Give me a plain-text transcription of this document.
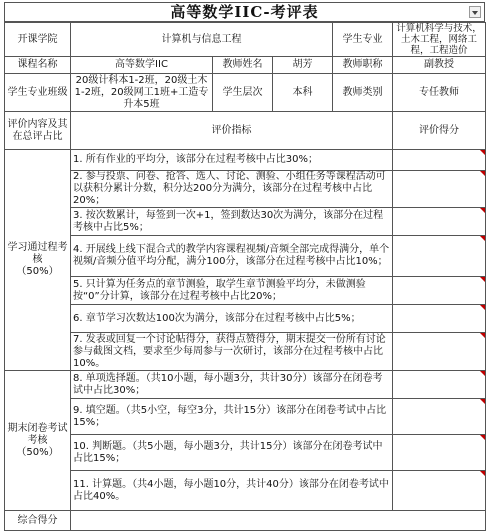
高等数学IIC-考评表
开课学院	计算机与信息工程			学生专业	计算机科学与技术，土木工程，网络工程，工程造价
课程名称	高等数学IIC	教师姓名	胡芳	教师职称	副教授
学生专业班级	20级计科本1-2班，20级土木1-2班，20级网工1班+工造专升本5班	学生层次	本科	教师类别	专任教师
评价内容及其在总评占比	评价指标				评价得分
学习通过程考核
（50%）	1. 所有作业的平均分，该部分在过程考核中占比30%；				

	2. 参与投票、问卷、抢答、选人、讨论、测验、小组任务等课程活动可以获积分累计分数，积分达200分为满分，该部分在过程考核中占比20%；				

	3. 按次数累计，每签到一次+1，签到数达30次为满分，该部分在过程考核中占比5%；				

	4. 开展线上线下混合式的教学内容课程视频/音频全部完成得满分，单个视频/音频分值平均分配，满分100分，该部分在过程考核中占比10%；				

	5. 只计算为任务点的章节测验，取学生章节测验平均分，未做测验按“0”分计算，该部分在过程考核中占比20%；				

	6. 章节学习次数达100次为满分，该部分在过程考核中占比5%；				

	7. 发表或回复一个讨论帖得分，获得点赞得分，期末提交一份所有讨论参与截图文档，要求至少每周参与一次研讨，该部分在过程考核中占比10%。				

期末闭卷考试考核
（50%）	8. 单项选择题。（共10小题，每小题3分，共计30分）该部分在闭卷考试中占比30%；				

	9. 填空题。（共5小空，每空3分，共计15分）该部分在闭卷考试中占比15%；				

	10. 判断题。（共5小题，每小题3分，共计15分）该部分在闭卷考试中占比15%；				

	11. 计算题。（共4小题，每小题10分，共计40分）该部分在闭卷考试中占比40%。				

综合得分					
